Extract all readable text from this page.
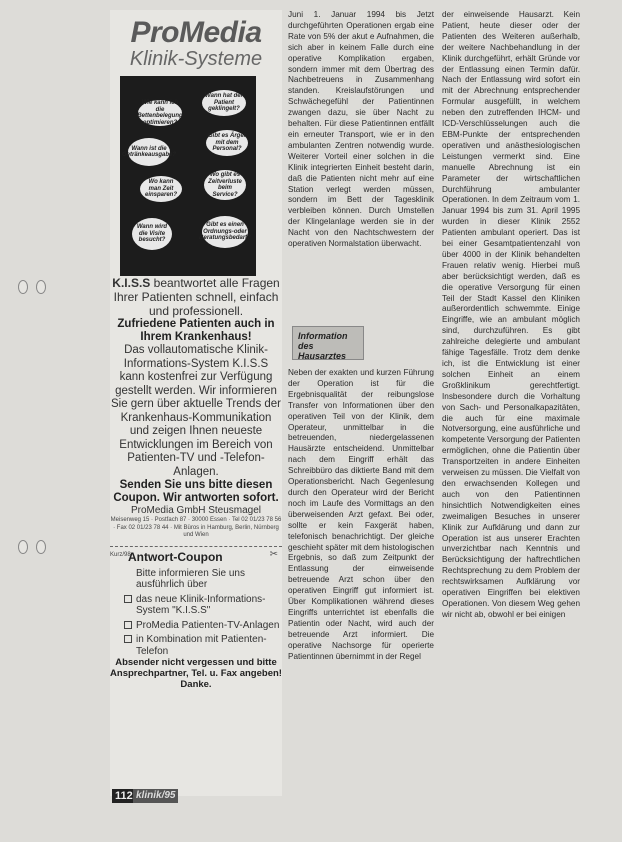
ProMedia
Klinik-Systeme
Wie kann ich die Bettenbelegung optimieren?
Wann hat der Patient geklingelt?
Wann ist die Getränkeausgabe?
Gibt es Ärger mit dem Personal?
Wo kann man Zeit einsparen?
Wo gibt es Zeitverluste beim Service?
Wann wird die Visite besucht?
Gibt es einen Ordnungs-oder Beratungsbedarf?

K.I.S.S beantwortet alle Fragen Ihrer Patienten schnell, einfach und professionell.

Zufriedene Patienten auch in Ihrem Krankenhaus!

Das vollautomatische Klinik-Informations-System K.I.S.S kann kostenfrei zur Verfügung gestellt werden. Wir informieren Sie gern über aktuelle Trends der Krankenhaus-Kommunikation und zeigen Ihnen neueste Entwicklungen im Bereich von Patienten-TV und -Telefon-Anlagen.

Senden Sie uns bitte diesen Coupon. Wir antworten sofort.

ProMedia GmbH Steusmagel

Meisenweg 15 · Postfach 87 · 30000 Essen · Tel 02 01/23 78 56 · Fax 02 01/23 78 44 · Mit Büros in Hamburg, Berlin, Nürnberg und Wien

Kurz/98	✂
Antwort-Coupon
Bitte informieren Sie uns ausführlich über
das neue Klinik-Informations-System "K.I.S.S"
ProMedia Patienten-TV-Anlagen
in Kombination mit Patienten-Telefon

Absender nicht vergessen und bitte Ansprechpartner, Tel. u. Fax angeben! Danke.

Juni 1. Januar 1994 bis Jetzt durchgeführten Operationen ergab eine Rate von 5% der akut e Aufnahmen, die sich aber in keinem Falle durch eine operative Komplikation ergaben, sondern immer mit dem Übertrag des Nachbetreuens in Zusammenhang standen. Kreislaufstörungen und Schwächegefühl der Patientinnen zwangen dazu, sie über Nacht zu behalten. Für diese Patientinnen entfällt ein erneuter Transport, wie er in den ambulanten Zentren notwendig wurde. Weiterer Vorteil einer solchen in die Klinik integrierten Einheit besteht darin, daß die Patienten nicht mehr auf eine Station verlegt werden müssen, sondern im Bett der Tagesklinik verbleiben können. Durch Umstellen der Klingelanlage werden sie in der Nacht von den Nachtschwestern der operativen Normalstation überwacht.

Information des Hausarztes

Neben der exakten und kurzen Führung der Operation ist für die Ergebnisqualität der reibungslose Transfer von Informationen über den operativen Teil von der Klinik, dem Operateur, unmittelbar in die betreuenden, niedergelassenen Hausärzte entscheidend. Unmittelbar nach dem Eingriff erhält das Schreibbüro das diktierte Band mit dem Operationsbericht. Nach Gegenlesung durch den Operateur wird der Bericht noch im Laufe des Vormittags an den überweisenden Arzt gefaxt. Bei oder, sollte er kein Faxgerät haben, telefonisch benachrichtigt. Der gleiche geschieht später mit dem histologischen Ergebnis, so daß zum Zeitpunkt der Entlassung der einweisende betreuende Arzt schon über den operativen Eingriff gut informiert ist. Über Komplikationen während dieses Eingriffs unterrichtet ist ebenfalls die Patientin oder Nacht, wird auch der betreuende Arzt informiert. Die operative Nachsorge für operierte Patientinnen übernimmt in der Regel

der einweisende Hausarzt. Kein Patient, heute dieser oder der Patienten des Weiteren außerhalb, der weitere Nachbehandlung in der Klinik durchgeführt, erhält Gründe vor der Entlassung einen Termin dafür. Nach der Entlassung wird sofort ein mit der Abrechnung entsprechender Formular ausgefüllt, in welchem neben den zutreffenden IHCM- und ICD-Verschlüsselungen auch die EBM-Punkte der entsprechenden operativen und anästhesiologischen Leistungen vermerkt sind. Eine manuelle Abrechnung ist ein Parameter der wirtschaftlichen Durchführung ambulanter Operationen. In dem Zeitraum vom 1. Januar 1994 bis zum 31. April 1995 wurden in dieser Klinik 2552 Patienten ambulant operiert. Das ist bei einer Gesamtpatientenzahl von über 4000 in der Klinik behandelten Frauen relativ wenig. Hierbei muß aber berücksichtigt werden, daß es die operative Versorgung für einen Teil der Stadt Kassel den Kliniken außerordentlich schwemmte. Einige Eingriffe, wie an ambulant möglich sind, durchzuführen. Es gibt zahlreiche delegierte und ambulant fähige Tagesfälle. Trotz dem denke ich, ist die Entwicklung ist einer solchen Einheit an einem Großklinikum gerechtfertigt. Insbesondere durch die Vorhaltung von Sach- und Personalkapazitäten, die auch für eine maximale Notversorgung, eine ausführliche und kompetente Versorgung der Patienten ermöglichen, ohne die Patientin über Transportzeiten in andere Einheiten verweisen zu müssen. Die Vielfalt von den erwachsenden Kollegen und auch von den Patientinnen hinsichtlich Notwendigkeiten eines zweimaligen Besuches in unserer Klinik zur Aufklärung und dann zur Operation ist aus unserer Erachten unverzichtbar nach Kenntnis und Berücksichtigung der haftrechtlichen Rechtsprechung zu dem Problem der rechtswirksamen Aufklärung vor operativen Eingriffen bei elektiven Operationen. Von diesem Weg gehen wir nicht ab, obwohl er bei einigen

112 klinik/95
